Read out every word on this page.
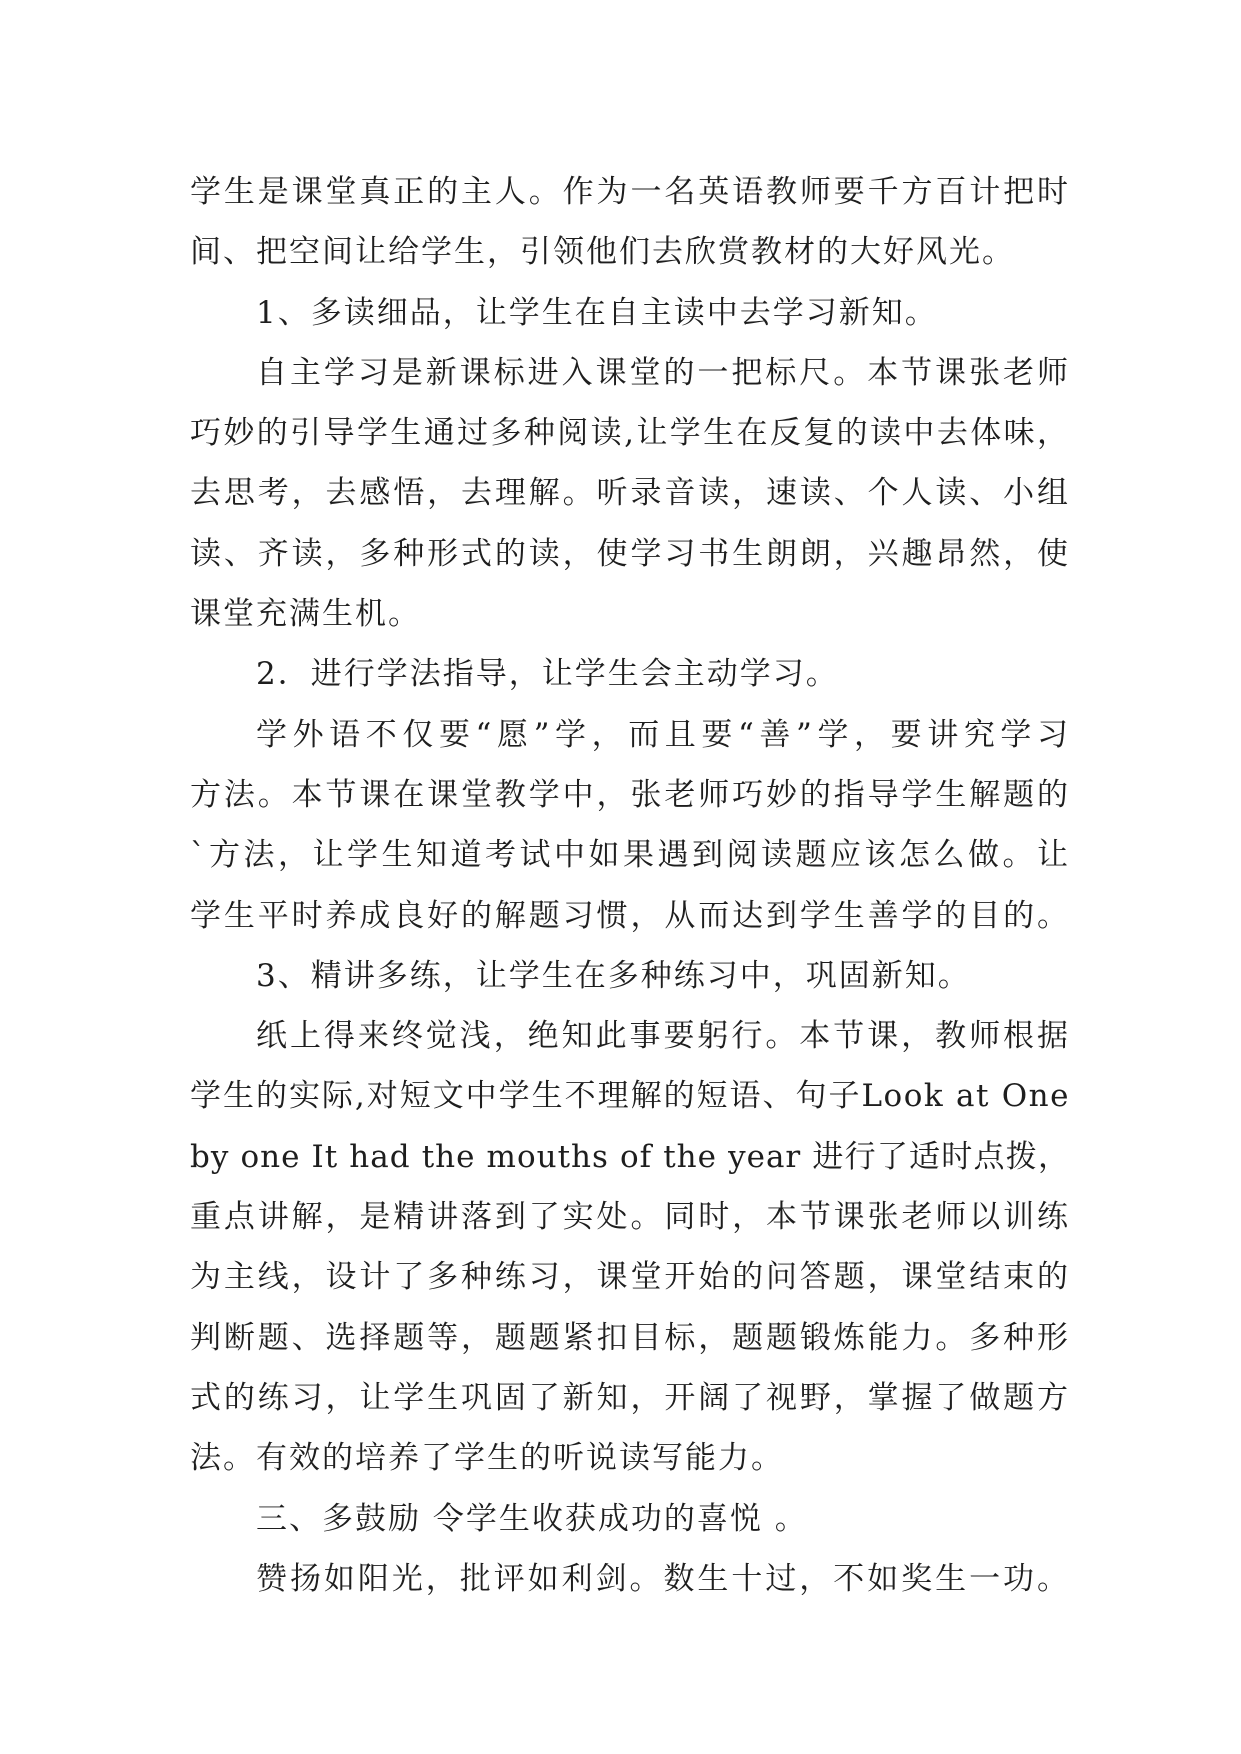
学生是课堂真正的主人。作为一名英语教师要千方百计把时
间、把空间让给学生，引领他们去欣赏教材的大好风光。
1、多读细品，让学生在自主读中去学习新知。
自主学习是新课标进入课堂的一把标尺。本节课张老师
巧妙的引导学生通过多种阅读,让学生在反复的读中去体味，
去思考，去感悟，去理解。听录音读，速读、个人读、小组
读、齐读，多种形式的读，使学习书生朗朗，兴趣昂然，使
课堂充满生机。
2．进行学法指导，让学生会主动学习。
学外语不仅要“愿”学，而且要“善”学，要讲究学习
方法。本节课在课堂教学中，张老师巧妙的指导学生解题的
`方法，让学生知道考试中如果遇到阅读题应该怎么做。让
学生平时养成良好的解题习惯，从而达到学生善学的目的。
3、精讲多练，让学生在多种练习中，巩固新知。
纸上得来终觉浅，绝知此事要躬行。本节课，教师根据
学生的实际,对短文中学生不理解的短语、句子Look at One
by one It had the mouths of the year 进行了适时点拨，
重点讲解，是精讲落到了实处。同时，本节课张老师以训练
为主线，设计了多种练习，课堂开始的问答题，课堂结束的
判断题、选择题等，题题紧扣目标，题题锻炼能力。多种形
式的练习，让学生巩固了新知，开阔了视野，掌握了做题方
法。有效的培养了学生的听说读写能力。
三、多鼓励 令学生收获成功的喜悦 。
赞扬如阳光，批评如利剑。数生十过，不如奖生一功。
